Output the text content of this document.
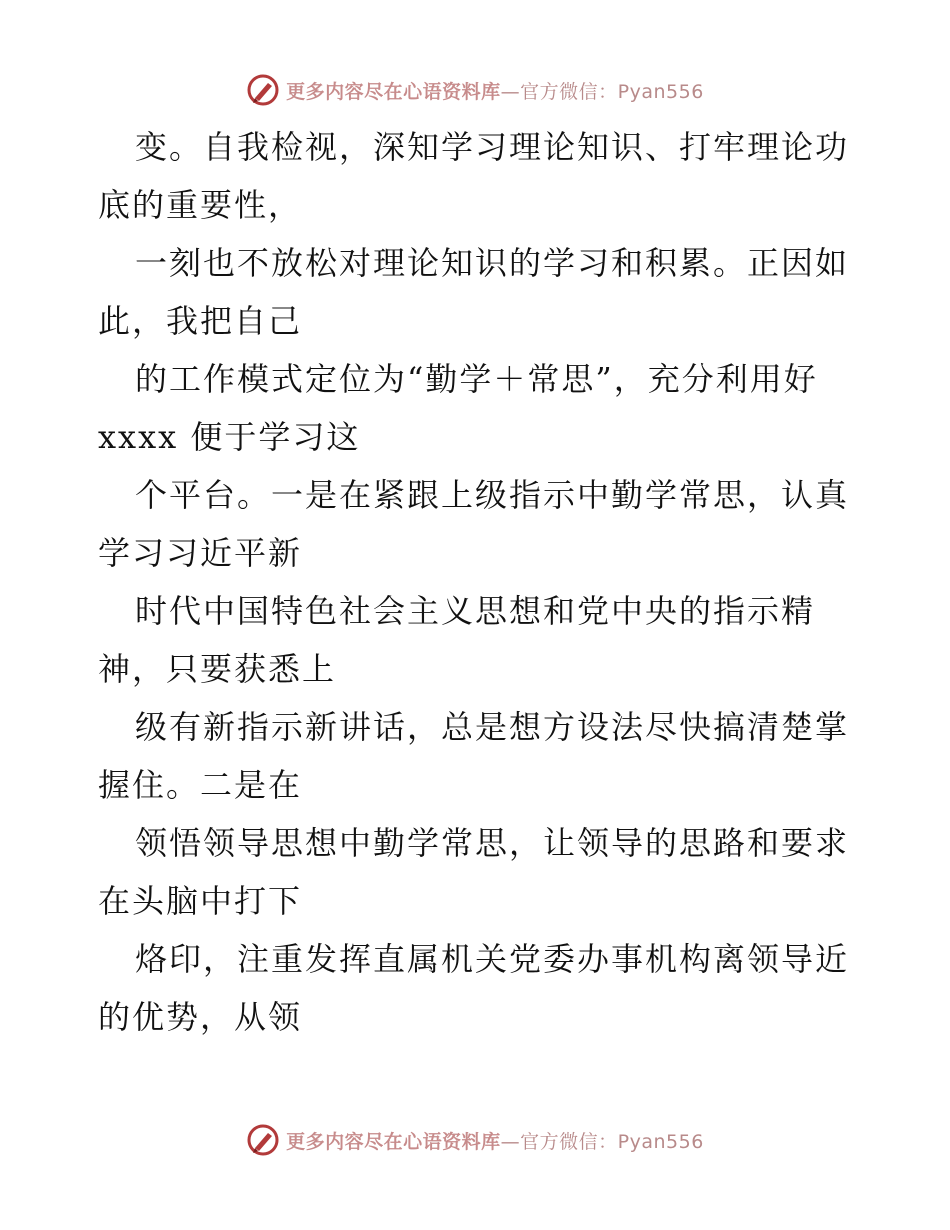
更多内容尽在心语资料库—官方微信：Pyan556
变。自我检视，深知学习理论知识、打牢理论功
底的重要性，
一刻也不放松对理论知识的学习和积累。正因如
此，我把自己
的工作模式定位为“勤学＋常思”，充分利用好
xxxx 便于学习这
个平台。一是在紧跟上级指示中勤学常思，认真
学习习近平新
时代中国特色社会主义思想和党中央的指示精
神，只要获悉上
级有新指示新讲话，总是想方设法尽快搞清楚掌
握住。二是在
领悟领导思想中勤学常思，让领导的思路和要求
在头脑中打下
烙印，注重发挥直属机关党委办事机构离领导近
的优势，从领
更多内容尽在心语资料库—官方微信：Pyan556
